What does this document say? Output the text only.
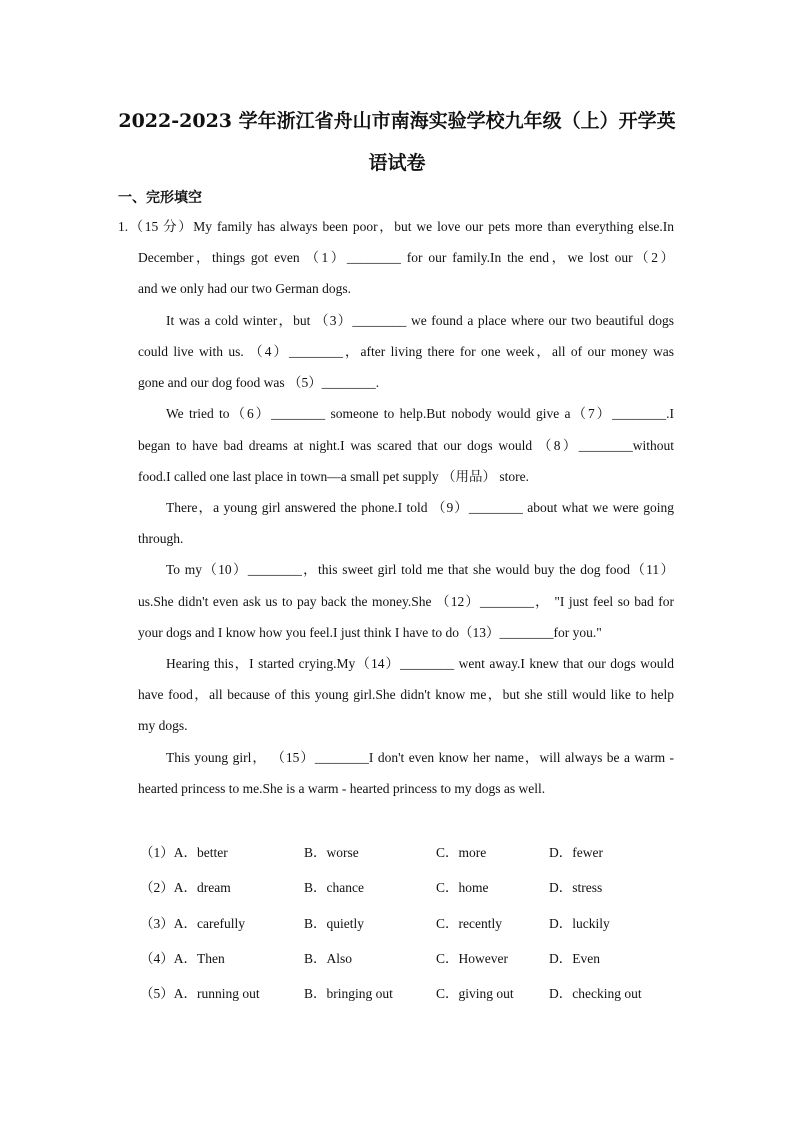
2022-2023 学年浙江省舟山市南海实验学校九年级（上）开学英
语试卷
一、完形填空
1.（15 分）My family has always been poor，but we love our pets more than everything else.In
December，things got even （1）________ for our family.In the end，we lost our（2）
and we only had our two German dogs.
It was a cold winter，but （3）________ we found a place where our two beautiful dogs
could live with us. （4）________，after living there for one week，all of our money was
gone and our dog food was （5）________.
We tried to（6）________ someone to help.But nobody would give a（7）________.I
began to have bad dreams at night.I was scared that our dogs would （8）________without
food.I called one last place in town—a small pet supply （用品） store.
There，a young girl answered the phone.I told （9）________ about what we were going
through.
To my（10）________，this sweet girl told me that she would buy the dog food（11）
us.She didn't even ask us to pay back the money.She （12）________， "I just feel so bad for
your dogs and I know how you feel.I just think I have to do（13）________for you."
Hearing this，I started crying.My（14）________ went away.I knew that our dogs would
have food，all because of this young girl.She didn't know me，but she still would like to help
my dogs.
This young girl， （15）________I don't even know her name，will always be a warm -
hearted princess to me.She is a warm - hearted princess to my dogs as well.
（1）A．better	B．worse	C．more	D．fewer
（2）A．dream	B．chance	C．home	D．stress
（3）A．carefully	B．quietly	C．recently	D．luckily
（4）A．Then	B．Also	C．However	D．Even
（5）A．running out	B．bringing out	C．giving out	D．checking out
